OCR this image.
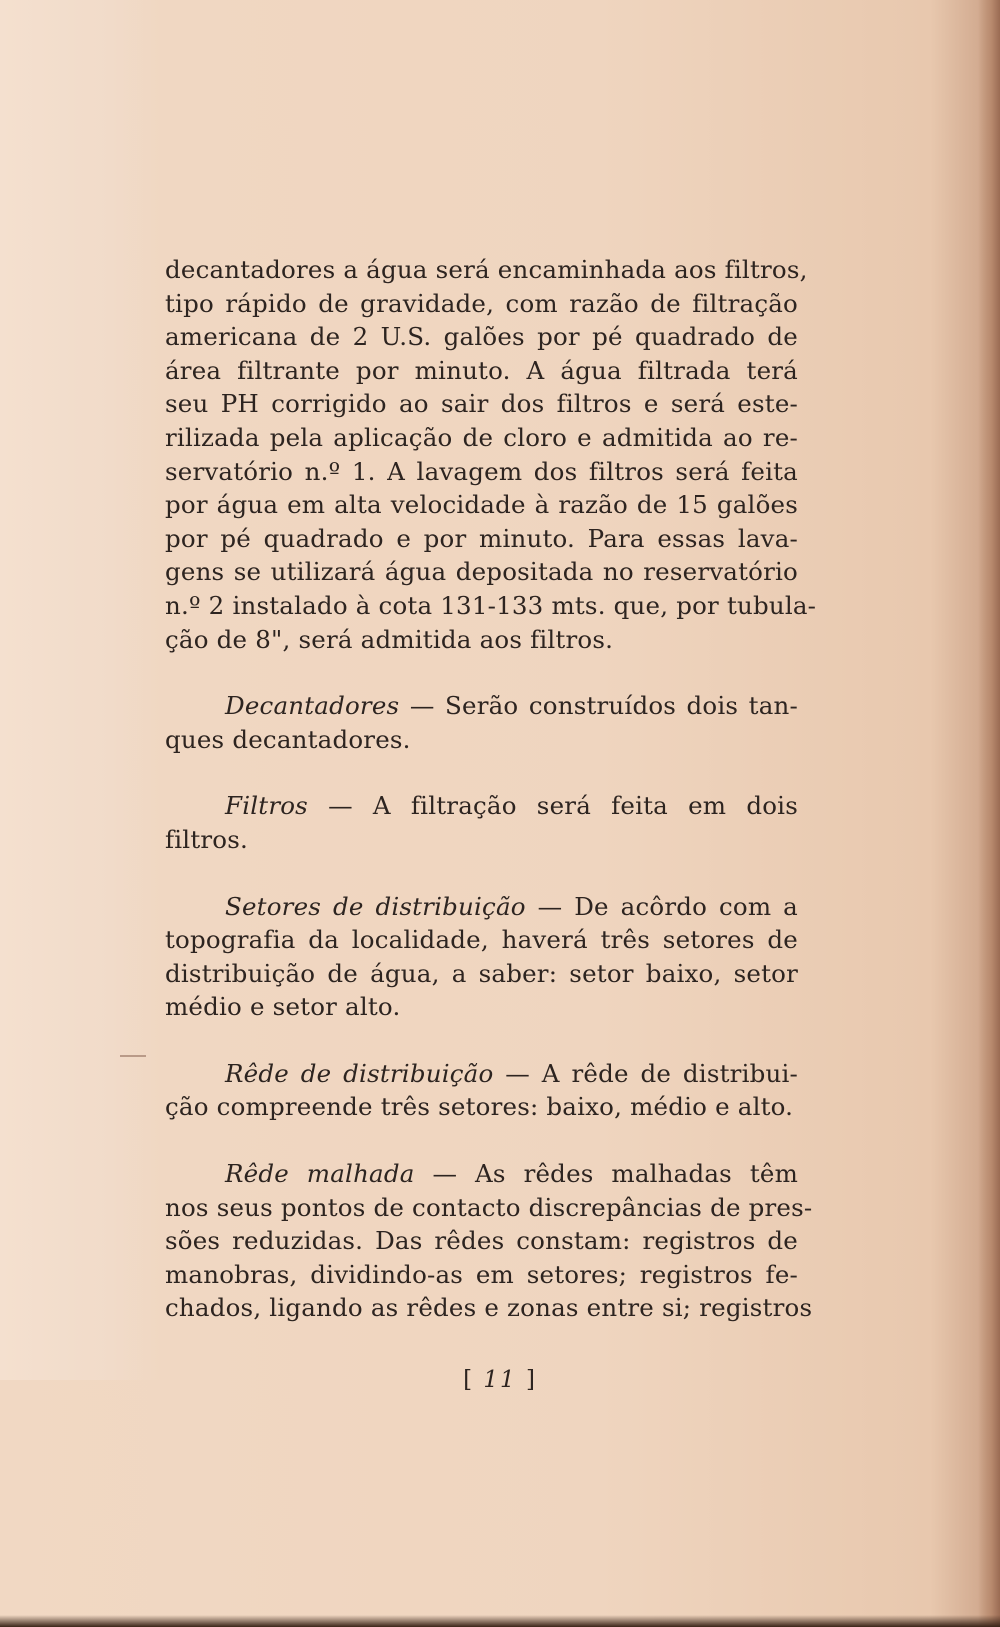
decantadores a água será encaminhada aos filtros,
tipo rápido de gravidade, com razão de filtração
americana de 2 U.S. galões por pé quadrado de
área filtrante por minuto. A água filtrada terá
seu PH corrigido ao sair dos filtros e será este-
rilizada pela aplicação de cloro e admitida ao re-
servatório n.º 1. A lavagem dos filtros será feita
por água em alta velocidade à razão de 15 galões
por pé quadrado e por minuto. Para essas lava-
gens se utilizará água depositada no reservatório
n.º 2 instalado à cota 131-133 mts. que, por tubula-
ção de 8", será admitida aos filtros.
Decantadores — Serão construídos dois tan-
ques decantadores.
Filtros — A filtração será feita em dois
filtros.
Setores de distribuição — De acôrdo com a
topografia da localidade, haverá três setores de
distribuição de água, a saber: setor baixo, setor
médio e setor alto.
Rêde de distribuição — A rêde de distribui-
ção compreende três setores: baixo, médio e alto.
Rêde malhada — As rêdes malhadas têm
nos seus pontos de contacto discrepâncias de pres-
sões reduzidas. Das rêdes constam: registros de
manobras, dividindo-as em setores; registros fe-
chados, ligando as rêdes e zonas entre si; registros
[ 11 ]
